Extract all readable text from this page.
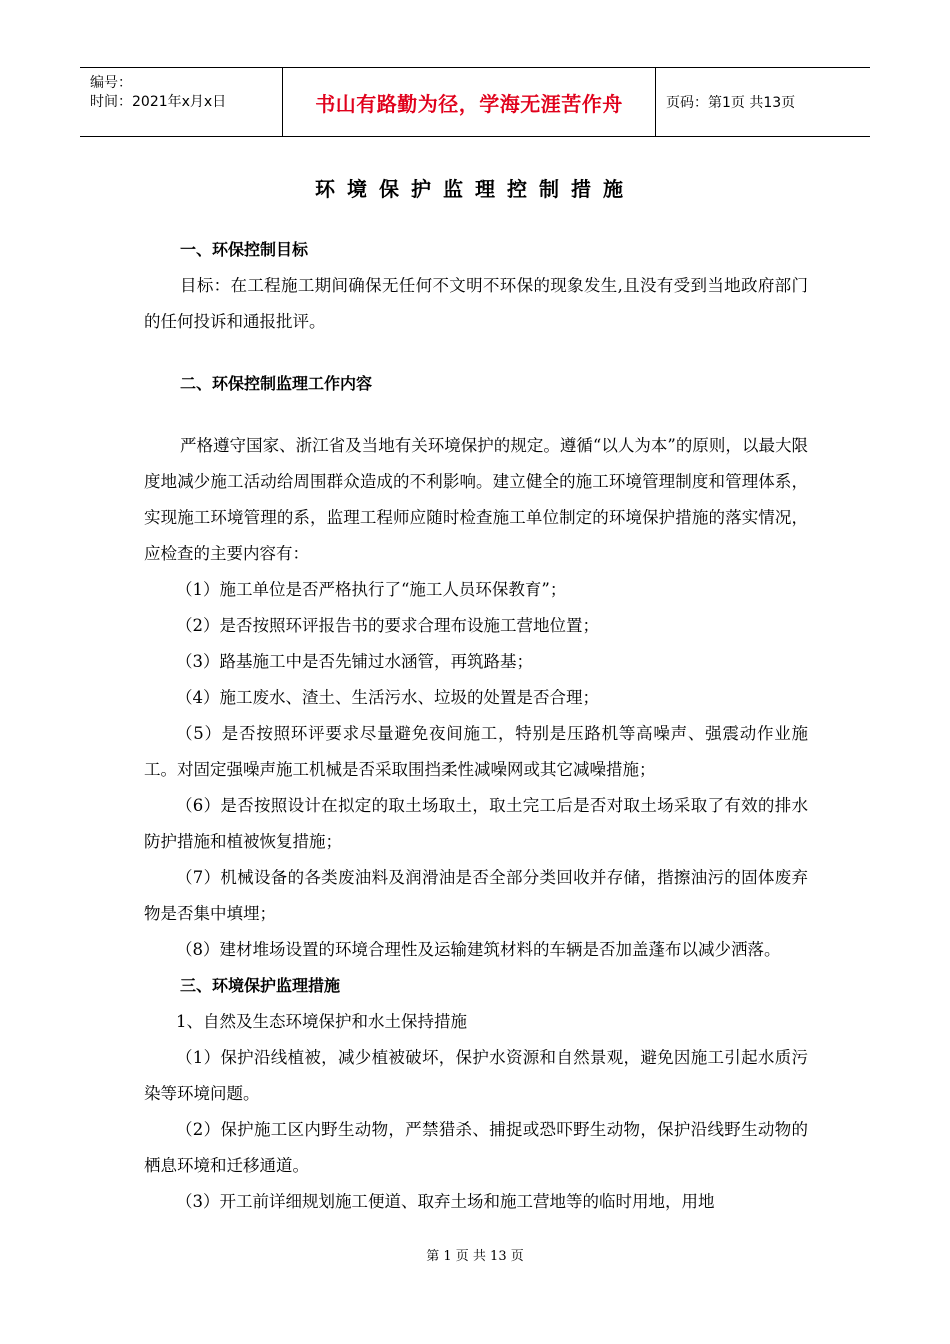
编号：
时间：2021年x月x日	书山有路勤为径，学海无涯苦作舟	页码：第1页 共13页
环境保护监理控制措施

一、环保控制目标

目标：在工程施工期间确保无任何不文明不环保的现象发生,且没有受到当地政府部门的任何投诉和通报批评。

二、环保控制监理工作内容

严格遵守国家、浙江省及当地有关环境保护的规定。遵循“以人为本”的原则，以最大限度地减少施工活动给周围群众造成的不利影响。建立健全的施工环境管理制度和管理体系，实现施工环境管理的系，监理工程师应随时检查施工单位制定的环境保护措施的落实情况，应检查的主要内容有：

（1）施工单位是否严格执行了“施工人员环保教育”；

（2）是否按照环评报告书的要求合理布设施工营地位置；

（3）路基施工中是否先铺过水涵管，再筑路基；

（4）施工废水、渣土、生活污水、垃圾的处置是否合理；

（5）是否按照环评要求尽量避免夜间施工，特别是压路机等高噪声、强震动作业施工。对固定强噪声施工机械是否采取围挡柔性减噪网或其它减噪措施；

（6）是否按照设计在拟定的取土场取土，取土完工后是否对取土场采取了有效的排水防护措施和植被恢复措施；

（7）机械设备的各类废油料及润滑油是否全部分类回收并存储，揩擦油污的固体废弃物是否集中填埋；

（8）建材堆场设置的环境合理性及运输建筑材料的车辆是否加盖蓬布以减少洒落。

三、环境保护监理措施

1、自然及生态环境保护和水土保持措施

（1）保护沿线植被，减少植被破坏，保护水资源和自然景观，避免因施工引起水质污染等环境问题。

（2）保护施工区内野生动物，严禁猎杀、捕捉或恐吓野生动物，保护沿线野生动物的栖息环境和迁移通道。

（3）开工前详细规划施工便道、取弃土场和施工营地等的临时用地，用地

第 1 页 共 13 页
